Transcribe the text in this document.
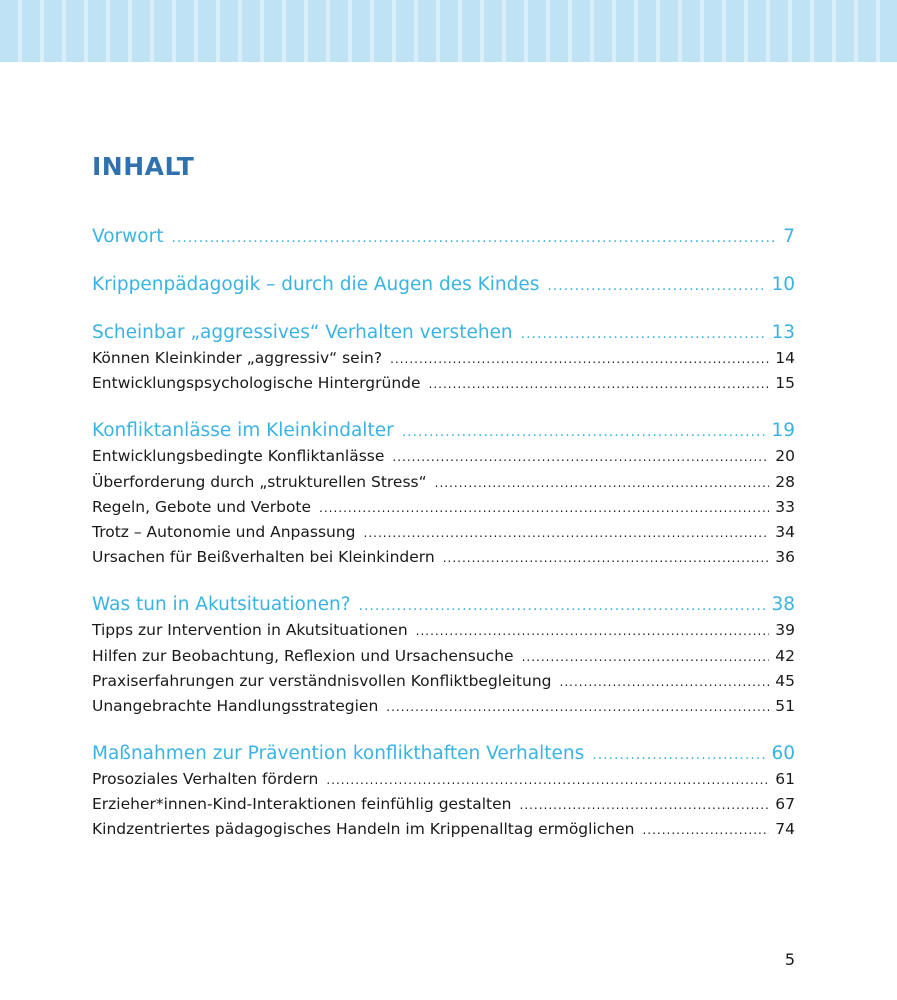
INHALT
Vorwort .....	7
Krippenpädagogik – durch die Augen des Kindes .....	10
Scheinbar „aggressives“ Verhalten verstehen .....	13
Können Kleinkinder „aggressiv“ sein? .....	14
Entwicklungspsychologische Hintergründe .....	15
Konfliktanlässe im Kleinkindalter .....	19
Entwicklungsbedingte Konfliktanlässe .....	20
Überforderung durch „strukturellen Stress“ .....	28
Regeln, Gebote und Verbote .....	33
Trotz – Autonomie und Anpassung .....	34
Ursachen für Beißverhalten bei Kleinkindern .....	36
Was tun in Akutsituationen? .....	38
Tipps zur Intervention in Akutsituationen .....	39
Hilfen zur Beobachtung, Reflexion und Ursachensuche .....	42
Praxiserfahrungen zur verständnisvollen Konfliktbegleitung .....	45
Unangebrachte Handlungsstrategien .....	51
Maßnahmen zur Prävention konflikthaften Verhaltens .....	60
Prosoziales Verhalten fördern .....	61
Erzieher*innen-Kind-Interaktionen feinfühlig gestalten .....	67
Kindzentriertes pädagogisches Handeln im Krippenalltag ermöglichen .....	74
5
